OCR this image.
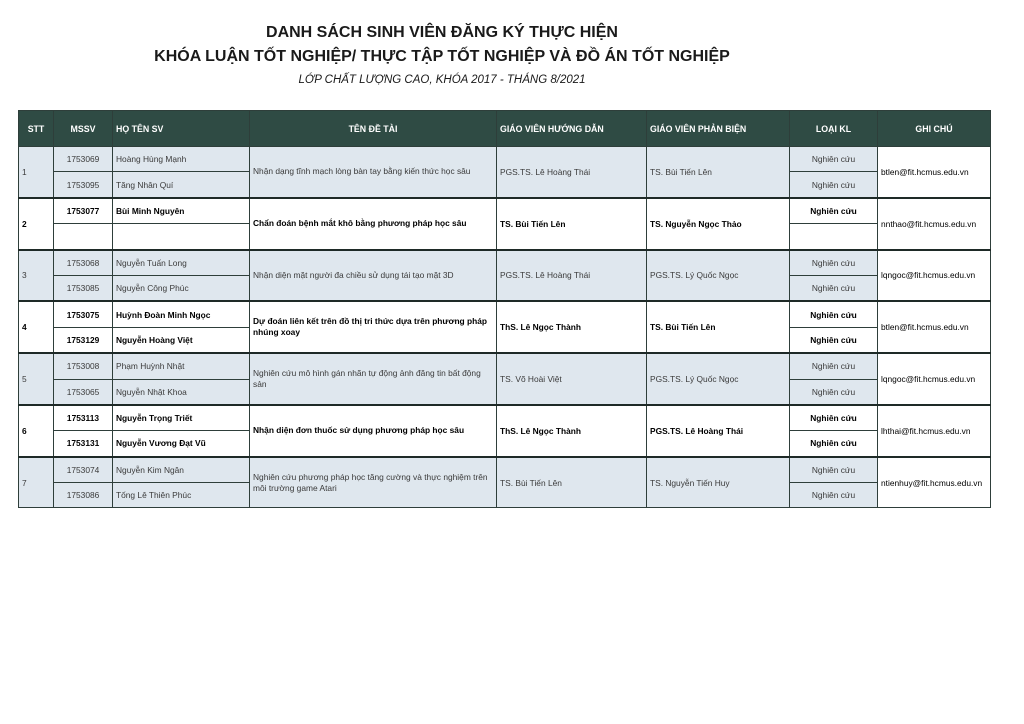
DANH SÁCH SINH VIÊN ĐĂNG KÝ THỰC HIỆN
KHÓA LUẬN TỐT NGHIỆP/ THỰC TẬP TỐT NGHIỆP VÀ ĐỒ ÁN TỐT NGHIỆP
LỚP CHẤT LƯỢNG CAO, KHÓA 2017 - THÁNG 8/2021
STT	MSSV	HỌ TÊN SV	TÊN ĐỀ TÀI	GIÁO VIÊN HƯỚNG DẪN	GIÁO VIÊN PHẢN BIỆN	LOẠI KL	GHI CHÚ
1	1753069	Hoàng Hùng Mạnh	Nhận dạng tĩnh mạch lòng bàn tay bằng kiến thức học sâu	PGS.TS. Lê Hoàng Thái	TS. Bùi Tiến Lên	Nghiên cứu	btlen@fit.hcmus.edu.vn
	1753095	Tăng Nhân Quí				Nghiên cứu	
2	1753077	Bùi Minh Nguyên	Chẩn đoán bệnh mắt khô bằng phương pháp học sâu	TS. Bùi Tiến Lên	TS. Nguyễn Ngọc Thảo	Nghiên cứu	nnthao@fit.hcmus.edu.vn

3	1753068	Nguyễn Tuấn Long	Nhận diện mặt người đa chiều sử dụng tái tạo mặt 3D	PGS.TS. Lê Hoàng Thái	PGS.TS. Lý Quốc Ngọc	Nghiên cứu	lqngoc@fit.hcmus.edu.vn
	1753085	Nguyễn Công Phúc				Nghiên cứu	
4	1753075	Huỳnh Đoàn Minh Ngọc	Dự đoán liên kết trên đồ thị tri thức dựa trên phương pháp nhúng xoay	ThS. Lê Ngọc Thành	TS. Bùi Tiến Lên	Nghiên cứu	btlen@fit.hcmus.edu.vn
	1753129	Nguyễn Hoàng Việt				Nghiên cứu	
5	1753008	Phạm Huỳnh Nhật	Nghiên cứu mô hình gán nhãn tự động ảnh đăng tin bất động sản	TS. Võ Hoài Việt	PGS.TS. Lý Quốc Ngọc	Nghiên cứu	lqngoc@fit.hcmus.edu.vn
	1753065	Nguyễn Nhật Khoa				Nghiên cứu	
6	1753113	Nguyễn Trọng Triết	Nhận diện đơn thuốc sử dụng phương pháp học sâu	ThS. Lê Ngọc Thành	PGS.TS. Lê Hoàng Thái	Nghiên cứu	lhthai@fit.hcmus.edu.vn
	1753131	Nguyễn Vương Đạt Vũ				Nghiên cứu	
7	1753074	Nguyễn Kim Ngân	Nghiên cứu phương pháp học tăng cường và thực nghiệm trên môi trường game Atari	TS. Bùi Tiến Lên	TS. Nguyễn Tiến Huy	Nghiên cứu	ntienhuy@fit.hcmus.edu.vn
	1753086	Tống Lê Thiên Phúc				Nghiên cứu	
